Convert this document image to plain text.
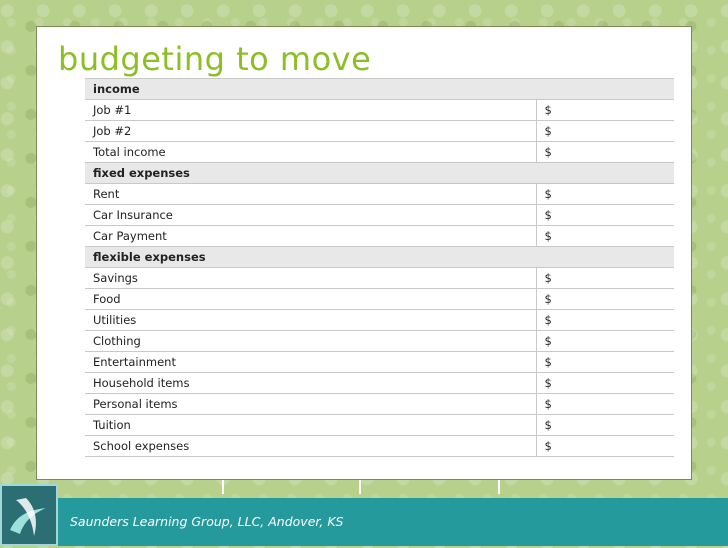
budgeting to move
income	
Job #1	$
Job #2	$
Total income	$
fixed expenses	
Rent	$
Car Insurance	$
Car Payment	$
flexible expenses	
Savings	$
Food	$
Utilities	$
Clothing	$
Entertainment	$
Household items	$
Personal items	$
Tuition	$
School expenses	$
Saunders Learning Group, LLC, Andover, KS
